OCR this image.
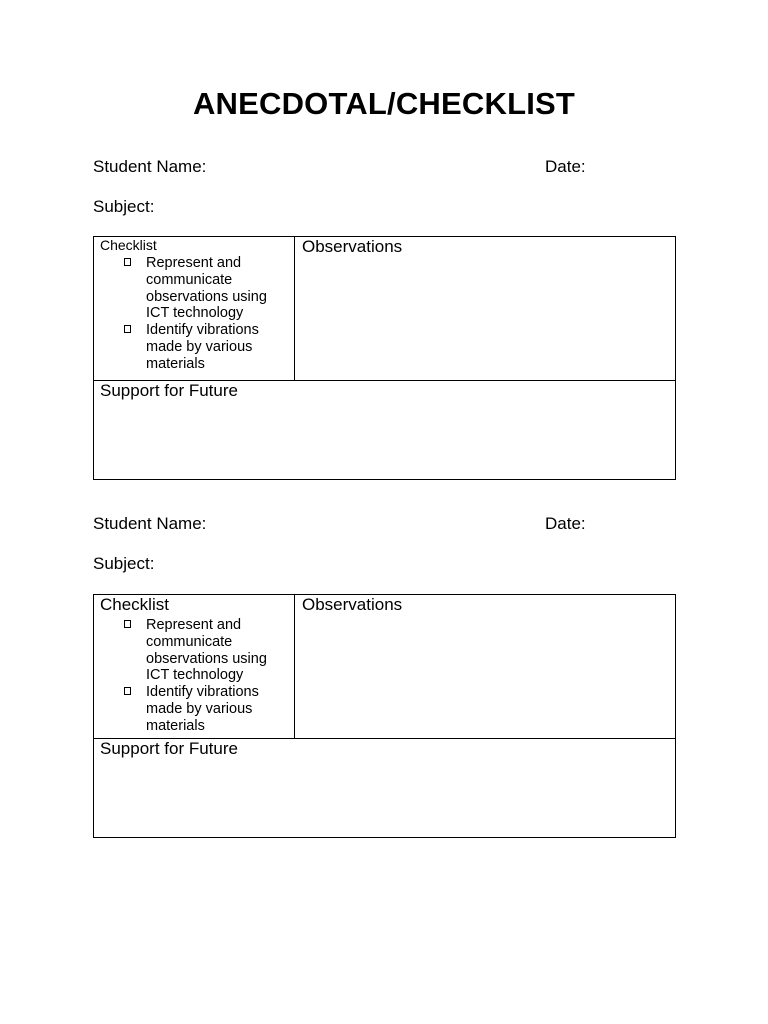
ANECDOTAL/CHECKLIST
Student Name:	Date:
Subject:
Checklist
Represent and communicate observations using ICT technology
Identify vibrations made by various materials
Observations
Support for Future
Student Name:	Date:
Subject:
Checklist
Represent and communicate observations using ICT technology
Identify vibrations made by various materials
Observations
Support for Future
